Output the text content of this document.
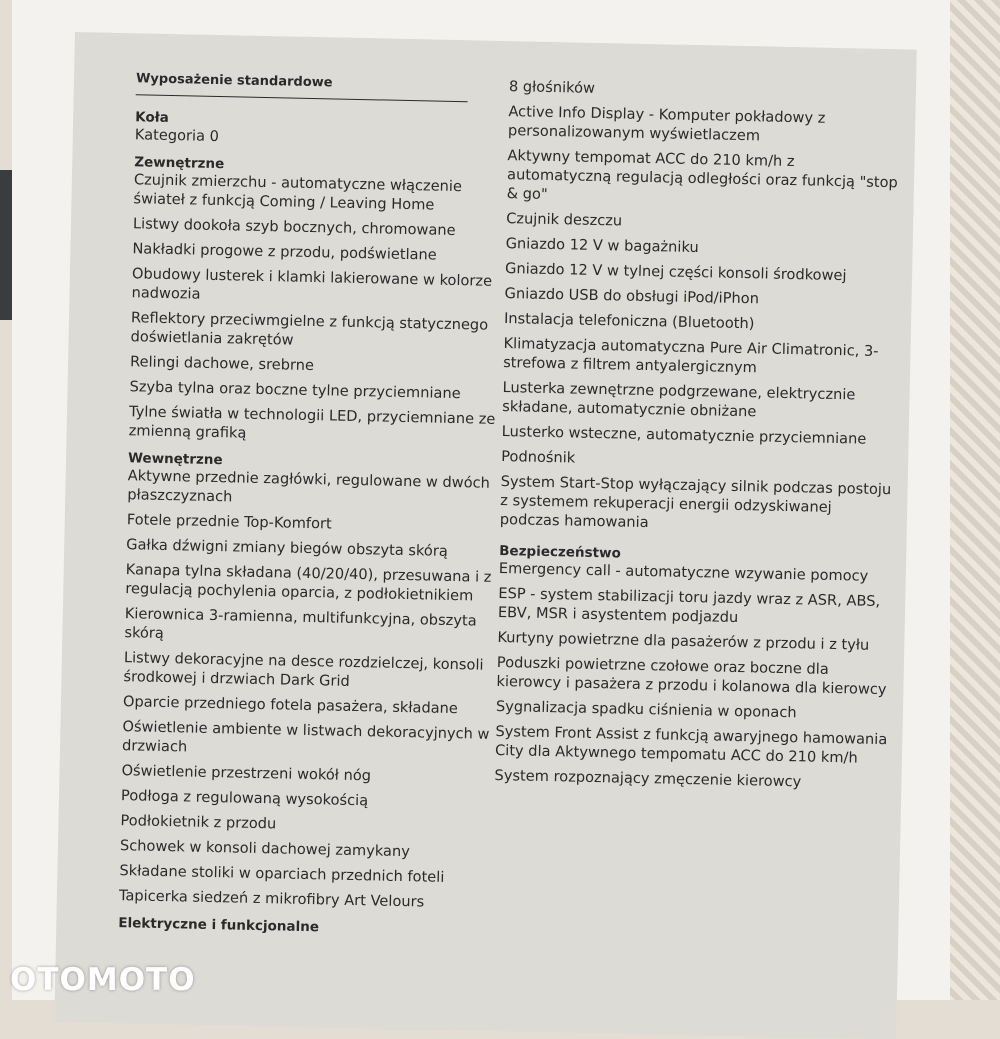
Wyposażenie standardowe
Koła
Kategoria 0
Zewnętrzne
Czujnik zmierzchu - automatyczne włączenie świateł z funkcją Coming / Leaving Home
Listwy dookoła szyb bocznych, chromowane
Nakładki progowe z przodu, podświetlane
Obudowy lusterek i klamki lakierowane w kolorze nadwozia
Reflektory przeciwmgielne z funkcją statycznego doświetlania zakrętów
Relingi dachowe, srebrne
Szyba tylna oraz boczne tylne przyciemniane
Tylne światła w technologii LED, przyciemniane ze zmienną grafiką
Wewnętrzne
Aktywne przednie zagłówki, regulowane w dwóch płaszczyznach
Fotele przednie Top-Komfort
Gałka dźwigni zmiany biegów obszyta skórą
Kanapa tylna składana (40/20/40), przesuwana i z regulacją pochylenia oparcia, z podłokietnikiem
Kierownica 3-ramienna, multifunkcyjna, obszyta skórą
Listwy dekoracyjne na desce rozdzielczej, konsoli środkowej i drzwiach Dark Grid
Oparcie przedniego fotela pasażera, składane
Oświetlenie ambiente w listwach dekoracyjnych w drzwiach
Oświetlenie przestrzeni wokół nóg
Podłoga z regulowaną wysokością
Podłokietnik z przodu
Schowek w konsoli dachowej zamykany
Składane stoliki w oparciach przednich foteli
Tapicerka siedzeń z mikrofibry Art Velours
Elektryczne i funkcjonalne
8 głośników
Active Info Display - Komputer pokładowy z personalizowanym wyświetlaczem
Aktywny tempomat ACC do 210 km/h z automatyczną regulacją odległości oraz funkcją "stop & go"
Czujnik deszczu
Gniazdo 12 V w bagażniku
Gniazdo 12 V w tylnej części konsoli środkowej
Gniazdo USB do obsługi iPod/iPhon
Instalacja telefoniczna (Bluetooth)
Klimatyzacja automatyczna Pure Air Climatronic, 3-strefowa z filtrem antyalergicznym
Lusterka zewnętrzne podgrzewane, elektrycznie składane, automatycznie obniżane
Lusterko wsteczne, automatycznie przyciemniane
Podnośnik
System Start-Stop wyłączający silnik podczas postoju z systemem rekuperacji energii odzyskiwanej podczas hamowania
Bezpieczeństwo
Emergency call - automatyczne wzywanie pomocy
ESP - system stabilizacji toru jazdy wraz z ASR, ABS, EBV, MSR i asystentem podjazdu
Kurtyny powietrzne dla pasażerów z przodu i z tyłu
Poduszki powietrzne czołowe oraz boczne dla kierowcy i pasażera z przodu i kolanowa dla kierowcy
Sygnalizacja spadku ciśnienia w oponach
System Front Assist z funkcją awaryjnego hamowania City dla Aktywnego tempomatu ACC do 210 km/h
System rozpoznający zmęczenie kierowcy
OTOMOTO
